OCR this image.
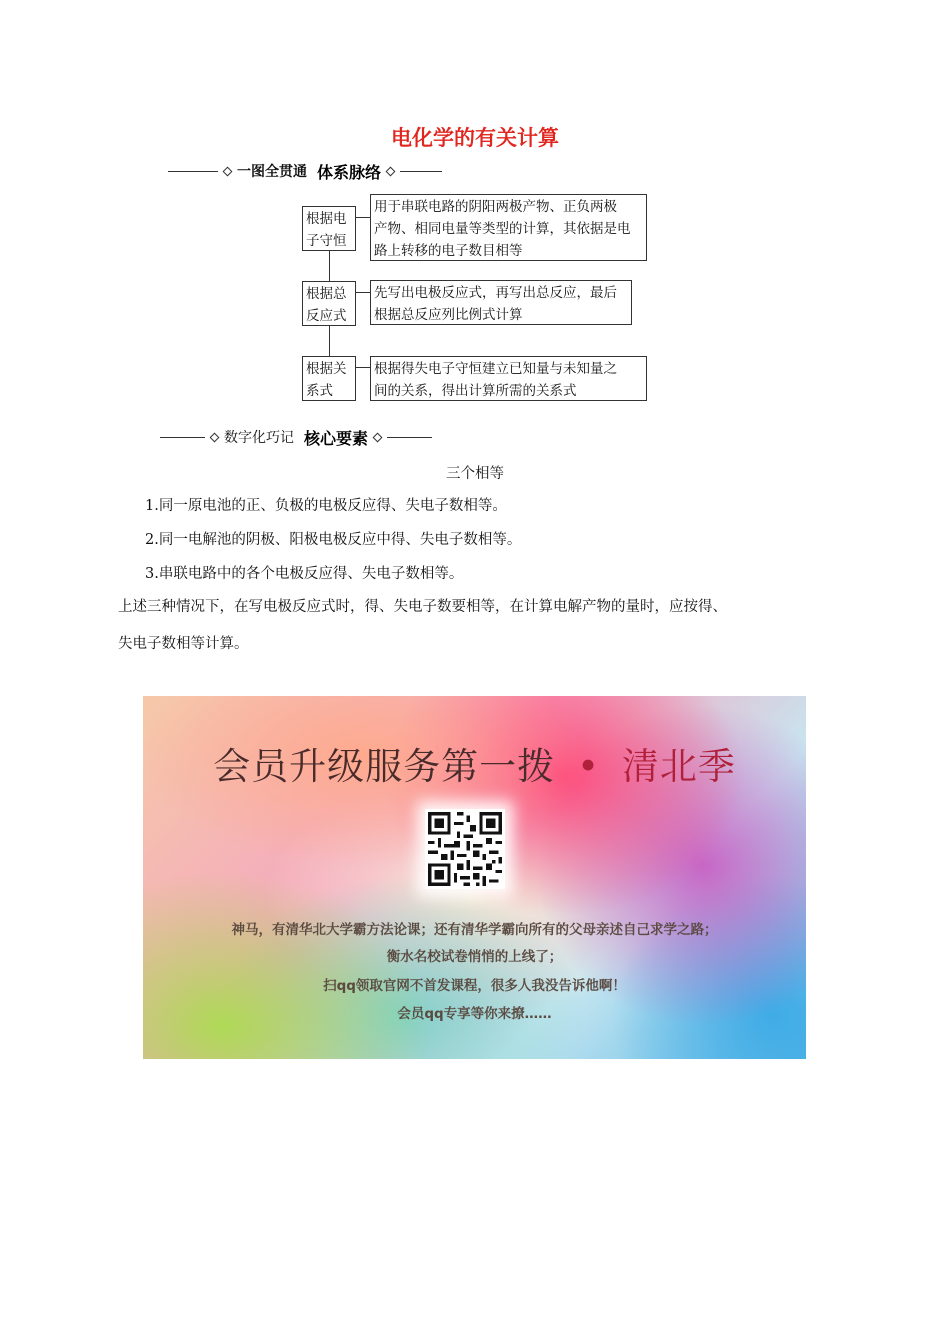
电化学的有关计算
一图全贯通 体系脉络
根据电
子守恒
用于串联电路的阴阳两极产物、正负两极
产物、相同电量等类型的计算，其依据是电
路上转移的电子数目相等
根据总
反应式
先写出电极反应式，再写出总反应，最后
根据总反应列比例式计算
根据关
系式
根据得失电子守恒建立已知量与未知量之
间的关系，得出计算所需的关系式
数字化巧记 核心要素
三个相等
1.同一原电池的正、负极的电极反应得、失电子数相等。
2.同一电解池的阴极、阳极电极反应中得、失电子数相等。
3.串联电路中的各个电极反应得、失电子数相等。
上述三种情况下，在写电极反应式时，得、失电子数要相等，在计算电解产物的量时，应按得、
失电子数相等计算。
会员升级服务第一拨 • 清北季
神马，有清华北大学霸方法论课；还有清华学霸向所有的父母亲述自己求学之路；
衡水名校试卷悄悄的上线了；
扫qq领取官网不首发课程，很多人我没告诉他啊！
会员qq专享等你来撩……
